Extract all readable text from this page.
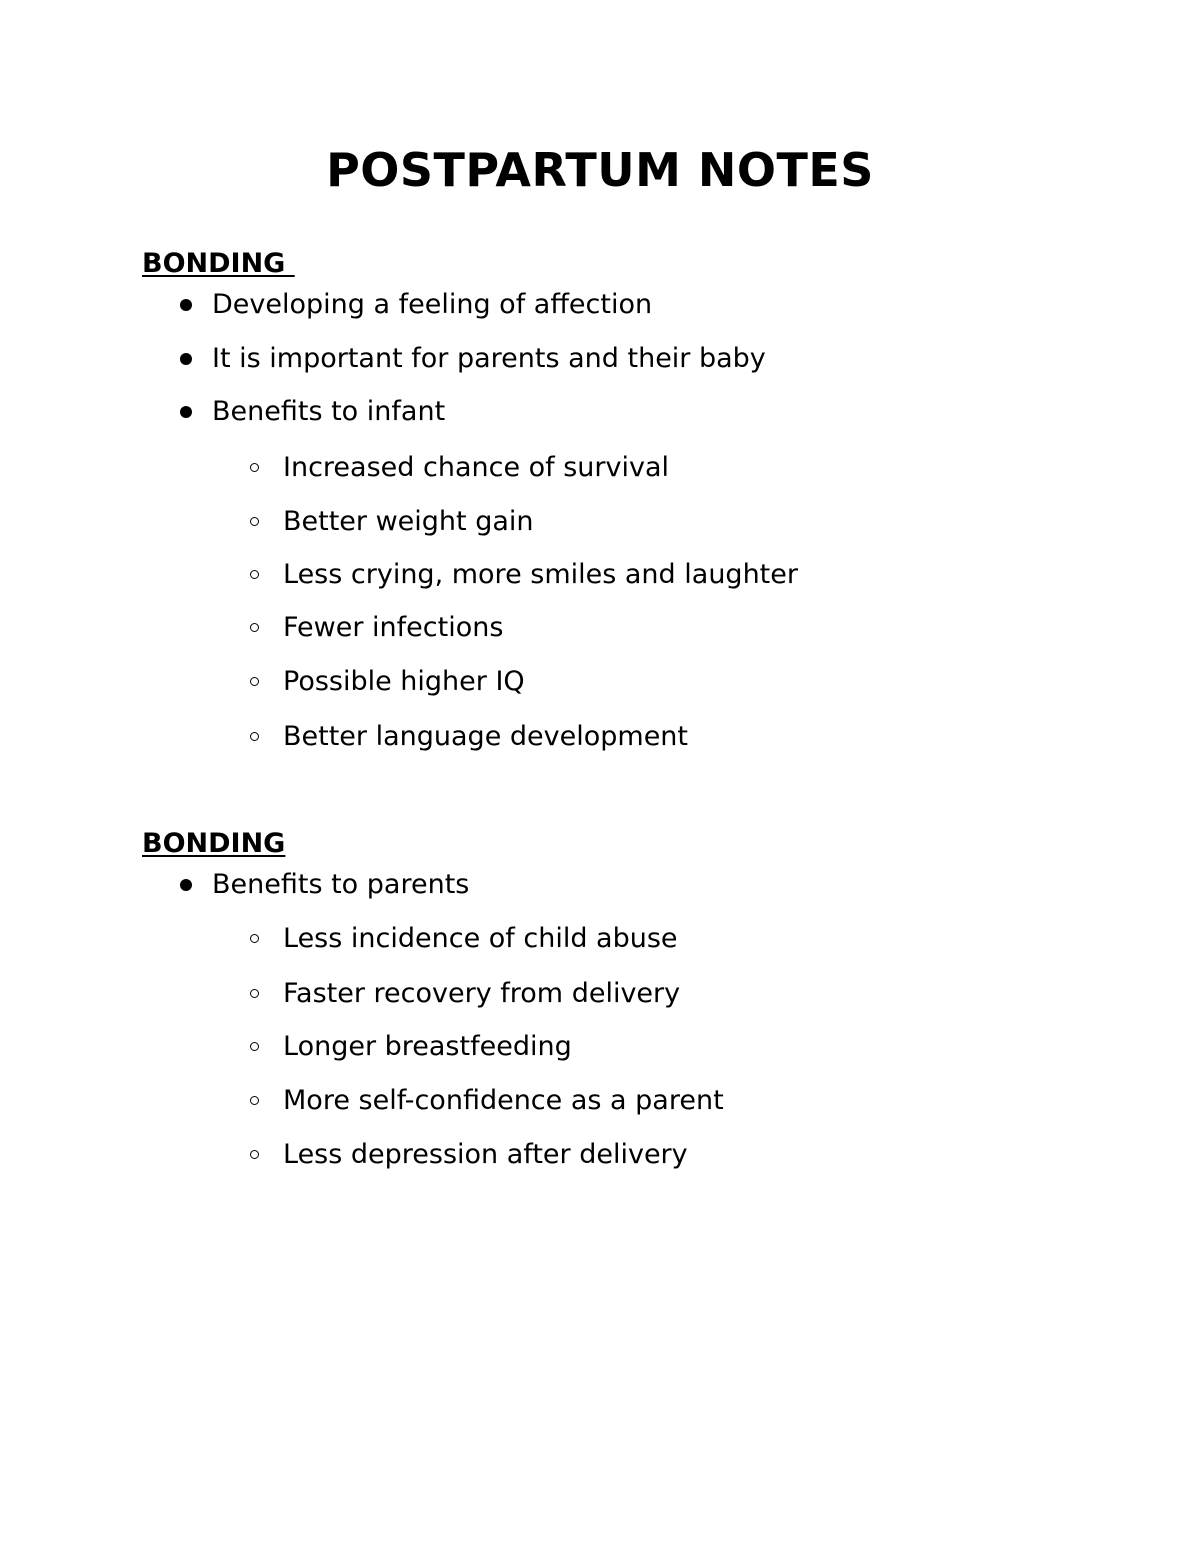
POSTPARTUM NOTES
BONDING
Developing a feeling of affection
It is important for parents and their baby
Benefits to infant
Increased chance of survival
Better weight gain
Less crying, more smiles and laughter
Fewer infections
Possible higher IQ
Better language development
BONDING
Benefits to parents
Less incidence of child abuse
Faster recovery from delivery
Longer breastfeeding
More self-confidence as a parent
Less depression after delivery
